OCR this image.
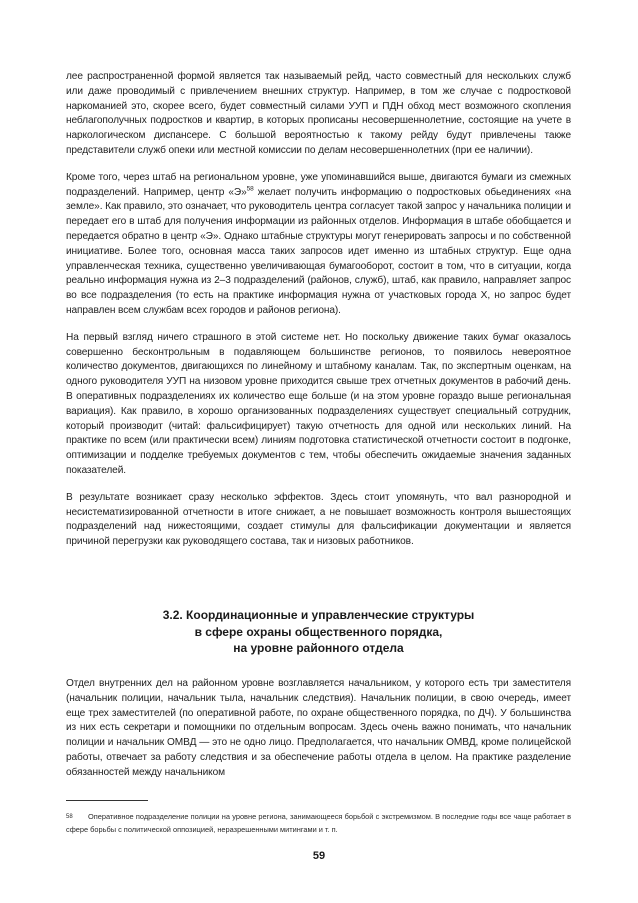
лее распространенной формой является так называемый рейд, часто совместный для нескольких служб или даже проводимый с привлечением внешних структур. Например, в том же случае с подростковой наркоманией это, скорее всего, будет совместный силами УУП и ПДН обход мест возможного скопления неблагополучных подростков и квартир, в которых прописаны несовершеннолетние, состоящие на учете в наркологическом диспансере. С большой вероятностью к такому рейду будут привлечены также представители служб опеки или местной комиссии по делам несовершеннолетних (при ее наличии).

Кроме того, через штаб на региональном уровне, уже упоминавшийся выше, двигаются бумаги из смежных подразделений. Например, центр «Э»$^{58}$ желает получить информацию о подростковых обьединениях «на земле». Как правило, это означает, что руководитель центра согласует такой запрос у начальника полиции и передает его в штаб для получения информации из районных отделов. Информация в штабе обобщается и передается обратно в центр «Э». Однако штабные структуры могут генерировать запросы и по собственной инициативе. Более того, основная масса таких запросов идет именно из штабных структур. Еще одна управленческая техника, существенно увеличивающая бумагооборот, состоит в том, что в ситуации, когда реально информация нужна из 2–3 подразделений (районов, служб), штаб, как правило, направляет запрос во все подразделения (то есть на практике информация нужна от участковых города X, но запрос будет направлен всем службам всех городов и районов региона).

На первый взгляд ничего страшного в этой системе нет. Но поскольку движение таких бумаг оказалось совершенно бесконтрольным в подавляющем большинстве регионов, то появилось невероятное количество документов, двигающихся по линейному и штабному каналам. Так, по экспертным оценкам, на одного руководителя УУП на низовом уровне приходится свыше трех отчетных документов в рабочий день. В оперативных подразделениях их количество еще больше (и на этом уровне гораздо выше региональная вариация). Как правило, в хорошо организованных подразделениях существует специальный сотрудник, который производит (читай: фальсифицирует) такую отчетность для одной или нескольких линий. На практике по всем (или практически всем) линиям подготовка статистической отчетности состоит в подгонке, оптимизации и подделке требуемых документов с тем, чтобы обеспечить ожидаемые значения заданных показателей.

В результате возникает сразу несколько эффектов. Здесь стоит упомянуть, что вал разнородной и несистематизированной отчетности в итоге снижает, а не повышает возможность контроля вышестоящих подразделений над нижестоящими, создает стимулы для фальсификации документации и является причиной перегрузки как руководящего состава, так и низовых работников.

3.2. Координационные и управленческие структуры
в сфере охраны общественного порядка,
на уровне районного отдела

Отдел внутренних дел на районном уровне возглавляется начальником, у которого есть три заместителя (начальник полиции, начальник тыла, начальник следствия). Начальник полиции, в свою очередь, имеет еще трех заместителей (по оперативной работе, по охране общественного порядка, по ДЧ). У большинства из них есть секретари и помощники по отдельным вопросам. Здесь очень важно понимать, что начальник полиции и начальник ОМВД — это не одно лицо. Предполагается, что начальник ОМВД, кроме полицейской работы, отвечает за работу следствия и за обеспечение работы отдела в целом. На практике разделение обязанностей между начальником

58 Оперативное подразделение полиции на уровне региона, занимающееся борьбой с экстремизмом. В последние годы все чаще работает в сфере борьбы с политической оппозицией, неразрешенными митингами и т. п.
59
